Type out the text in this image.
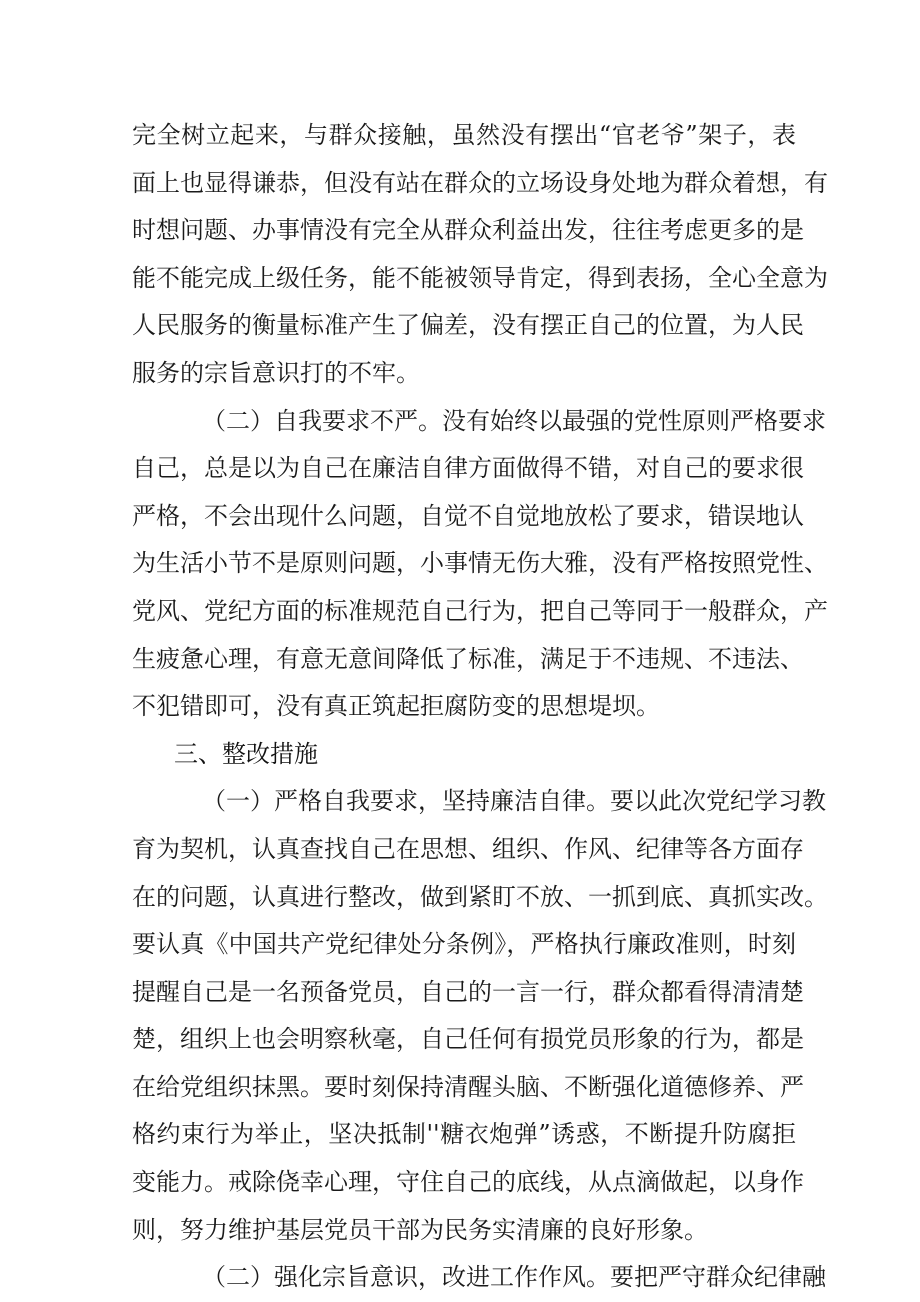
完全树立起来，与群众接触，虽然没有摆出“官老爷”架子，表
面上也显得谦恭，但没有站在群众的立场设身处地为群众着想，有
时想问题、办事情没有完全从群众利益出发，往往考虑更多的是
能不能完成上级任务，能不能被领导肯定，得到表扬，全心全意为
人民服务的衡量标准产生了偏差，没有摆正自己的位置，为人民
服务的宗旨意识打的不牢。
（二）自我要求不严。没有始终以最强的党性原则严格要求
自己，总是以为自己在廉洁自律方面做得不错，对自己的要求很
严格，不会出现什么问题，自觉不自觉地放松了要求，错误地认
为生活小节不是原则问题，小事情无伤大雅，没有严格按照党性、
党风、党纪方面的标准规范自己行为，把自己等同于一般群众，产
生疲惫心理，有意无意间降低了标准，满足于不违规、不违法、
不犯错即可，没有真正筑起拒腐防变的思想堤坝。
三、整改措施
（一）严格自我要求，坚持廉洁自律。要以此次党纪学习教
育为契机，认真查找自己在思想、组织、作风、纪律等各方面存
在的问题，认真进行整改，做到紧盯不放、一抓到底、真抓实改。
要认真《中国共产党纪律处分条例》，严格执行廉政准则，时刻
提醒自己是一名预备党员，自己的一言一行，群众都看得清清楚
楚，组织上也会明察秋毫，自己任何有损党员形象的行为，都是
在给党组织抹黑。要时刻保持清醒头脑、不断强化道德修养、严
格约束行为举止，坚决抵制''糖衣炮弹”诱惑，不断提升防腐拒
变能力。戒除侥幸心理，守住自己的底线，从点滴做起，以身作
则，努力维护基层党员干部为民务实清廉的良好形象。
（二）强化宗旨意识，改进工作作风。要把严守群众纪律融
